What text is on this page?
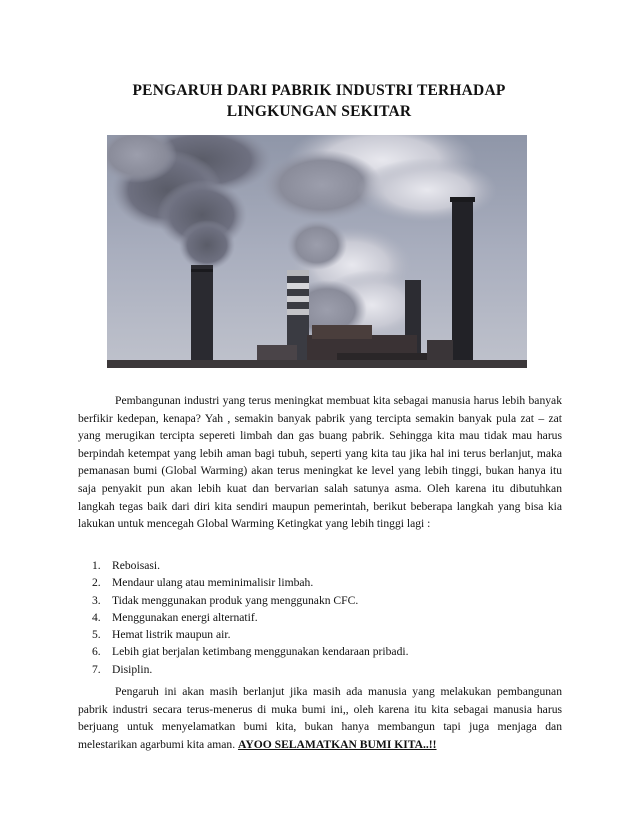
PENGARUH DARI PABRIK INDUSTRI TERHADAP
LINGKUNGAN SEKITAR

Pembangunan industri yang terus meningkat membuat kita sebagai manusia harus lebih banyak berfikir kedepan, kenapa? Yah , semakin banyak pabrik yang tercipta semakin banyak pula zat – zat yang merugikan tercipta sepereti limbah dan gas buang pabrik. Sehingga kita mau tidak mau harus berpindah ketempat yang lebih aman bagi tubuh, seperti yang kita tau jika hal ini terus berlanjut, maka pemanasan bumi (Global Warming) akan terus meningkat ke level yang lebih tinggi, bukan hanya itu saja penyakit pun akan lebih kuat dan bervarian salah satunya asma. Oleh karena itu dibutuhkan langkah tegas baik dari diri kita sendiri maupun pemerintah, berikut beberapa langkah yang bisa kia lakukan untuk mencegah Global Warming Ketingkat yang lebih tinggi lagi :

1. Reboisasi.
2. Mendaur ulang atau meminimalisir limbah.
3. Tidak menggunakan produk yang menggunakn CFC.
4. Menggunakan energi alternatif.
5. Hemat listrik maupun air.
6. Lebih giat berjalan ketimbang menggunakan kendaraan pribadi.
7. Disiplin.

Pengaruh ini akan masih berlanjut jika masih ada manusia yang melakukan pembangunan pabrik industri secara terus-menerus di muka bumi ini,, oleh karena itu kita sebagai manusia harus berjuang untuk menyelamatkan bumi kita, bukan hanya membangun tapi juga menjaga dan melestarikan agarbumi kita aman. AYOO SELAMATKAN BUMI KITA..!!
